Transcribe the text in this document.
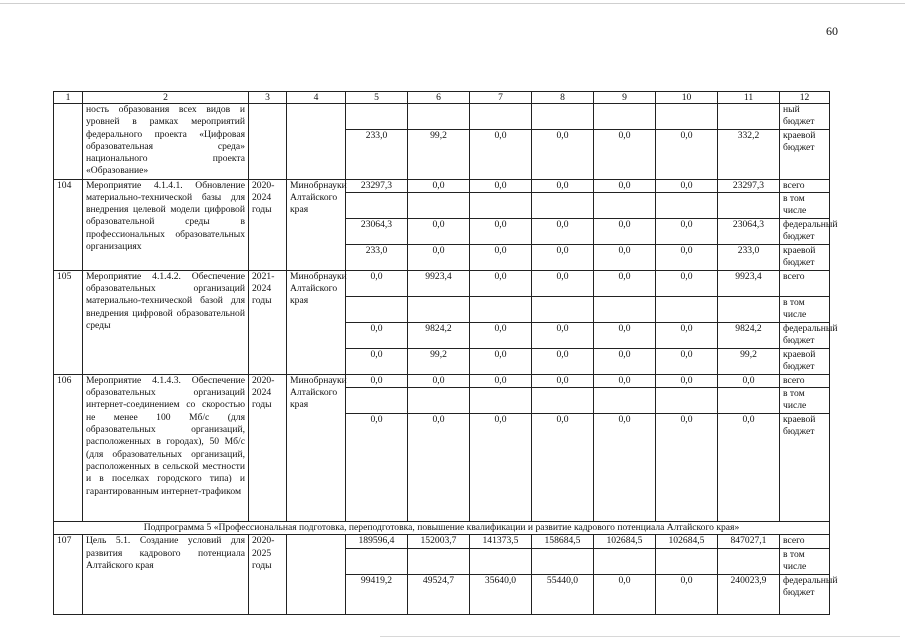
60
1	2	3	4	5	6	7	8	9	10	11	12
	ность образования всех видов и уровней в рамках мероприятий федерального проекта «Цифровая образовательная среда» национального проекта «Образование»										ный бюджет
				233,0	99,2	0,0	0,0	0,0	0,0	332,2	краевой бюджет
104	Мероприятие 4.1.4.1. Обновление материально-технической базы для внедрения целевой модели цифровой образовательной среды в профессиональных образовательных организациях	2020-2024 годы	Минобрнауки Алтайского края	23297,3	0,0	0,0	0,0	0,0	0,0	23297,3	всего
											в том числе
				23064,3	0,0	0,0	0,0	0,0	0,0	23064,3	федеральный бюджет
				233,0	0,0	0,0	0,0	0,0	0,0	233,0	краевой бюджет
105	Мероприятие 4.1.4.2. Обеспечение образовательных организаций материально-технической базой для внедрения цифровой образовательной среды	2021-2024 годы	Минобрнауки Алтайского края	0,0	9923,4	0,0	0,0	0,0	0,0	9923,4	всего
											в том числе
				0,0	9824,2	0,0	0,0	0,0	0,0	9824,2	федеральный бюджет
				0,0	99,2	0,0	0,0	0,0	0,0	99,2	краевой бюджет
106	Мероприятие 4.1.4.3. Обеспечение образовательных организаций интернет-соединением со скоростью не менее 100 Мб/с (для образовательных организаций, расположенных в городах), 50 Мб/с (для образовательных организаций, расположенных в сельской местности и в поселках городского типа) и гарантированным интернет-трафиком	2020-2024 годы	Минобрнауки Алтайского края	0,0	0,0	0,0	0,0	0,0	0,0	0,0	всего
											в том числе
				0,0	0,0	0,0	0,0	0,0	0,0	0,0	краевой бюджет
Подпрограмма 5 «Профессиональная подготовка, переподготовка, повышение квалификации и развитие кадрового потенциала Алтайского края»											
107	Цель 5.1. Создание условий для развития кадрового потенциала Алтайского края	2020-2025 годы		189596,4	152003,7	141373,5	158684,5	102684,5	102684,5	847027,1	всего
											в том числе
				99419,2	49524,7	35640,0	55440,0	0,0	0,0	240023,9	федеральный бюджет
